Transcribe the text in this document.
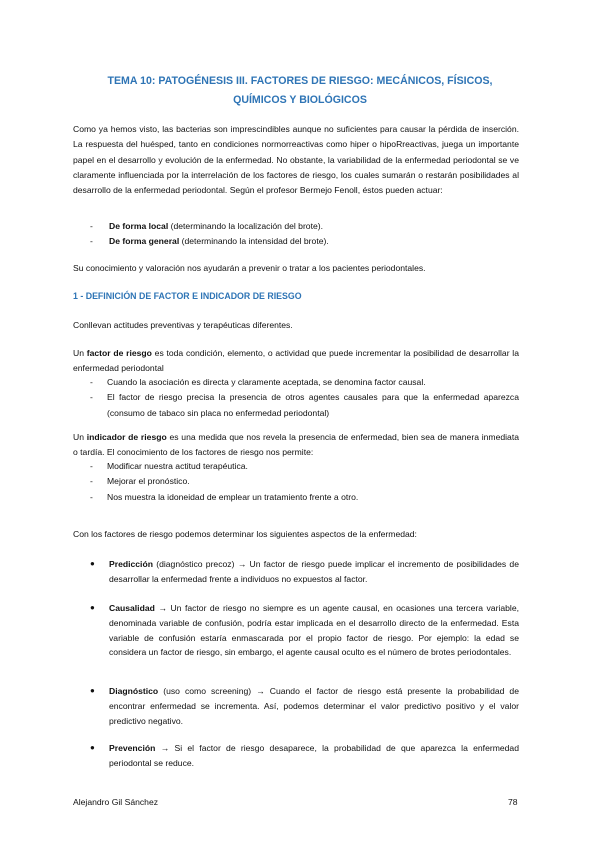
TEMA 10: PATOGÉNESIS III. FACTORES DE RIESGO: MECÁNICOS, FÍSICOS, QUÍMICOS Y BIOLÓGICOS

Como ya hemos visto, las bacterias son imprescindibles aunque no suficientes para causar la pérdida de inserción. La respuesta del huésped, tanto en condiciones normorreactivas como hiper o hipoRreactivas, juega un importante papel en el desarrollo y evolución de la enfermedad. No obstante, la variabilidad de la enfermedad periodontal se ve claramente influenciada por la interrelación de los factores de riesgo, los cuales sumarán o restarán posibilidades al desarrollo de la enfermedad periodontal. Según el profesor Bermejo Fenoll, éstos pueden actuar:

- De forma local (determinando la localización del brote).
- De forma general (determinando la intensidad del brote).

Su conocimiento y valoración nos ayudarán a prevenir o tratar a los pacientes periodontales.

1 - DEFINICIÓN DE FACTOR E INDICADOR DE RIESGO

Conllevan actitudes preventivas y terapéuticas diferentes.

Un factor de riesgo es toda condición, elemento, o actividad que puede incrementar la posibilidad de desarrollar la enfermedad periodontal

- Cuando la asociación es directa y claramente aceptada, se denomina factor causal.
- El factor de riesgo precisa la presencia de otros agentes causales para que la enfermedad aparezca (consumo de tabaco sin placa no enfermedad periodontal)

Un indicador de riesgo es una medida que nos revela la presencia de enfermedad, bien sea de manera inmediata o tardía. El conocimiento de los factores de riesgo nos permite:

- Modificar nuestra actitud terapéutica.
- Mejorar el pronóstico.
- Nos muestra la idoneidad de emplear un tratamiento frente a otro.

Con los factores de riesgo podemos determinar los siguientes aspectos de la enfermedad:

● Predicción (diagnóstico precoz) → Un factor de riesgo puede implicar el incremento de posibilidades de desarrollar la enfermedad frente a individuos no expuestos al factor.
● Causalidad → Un factor de riesgo no siempre es un agente causal, en ocasiones una tercera variable, denominada variable de confusión, podría estar implicada en el desarrollo directo de la enfermedad. Esta variable de confusión estaría enmascarada por el propio factor de riesgo. Por ejemplo: la edad se considera un factor de riesgo, sin embargo, el agente causal oculto es el número de brotes periodontales.
● Diagnóstico (uso como screening) → Cuando el factor de riesgo está presente la probabilidad de encontrar enfermedad se incrementa. Así, podemos determinar el valor predictivo positivo y el valor predictivo negativo.
● Prevención → Si el factor de riesgo desaparece, la probabilidad de que aparezca la enfermedad periodontal se reduce.
Alejandro Gil Sánchez	78
